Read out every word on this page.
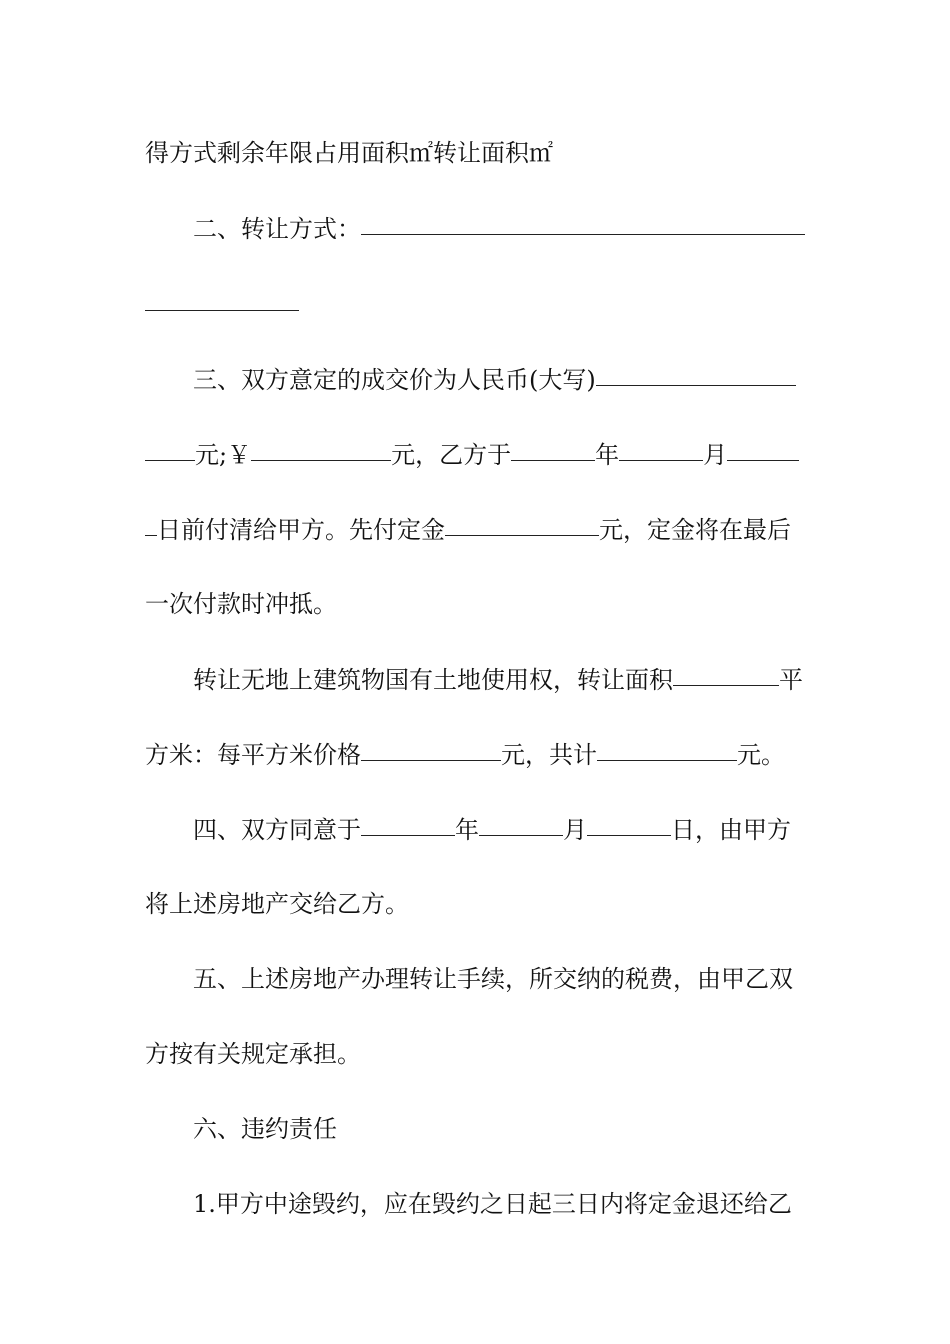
得方式剩余年限占用面积㎡转让面积㎡
二、转让方式：
三、双方意定的成交价为人民币(大写)
元;￥	元，乙方于	年	月
日前付清给甲方。先付定金	元，定金将在最后
一次付款时冲抵。
转让无地上建筑物国有土地使用权，转让面积	平
方米：每平方米价格	元，共计	元。
四、双方同意于	年	月	日，由甲方
将上述房地产交给乙方。
五、上述房地产办理转让手续，所交纳的税费，由甲乙双
方按有关规定承担。
六、违约责任
1.甲方中途毁约，应在毁约之日起三日内将定金退还给乙
